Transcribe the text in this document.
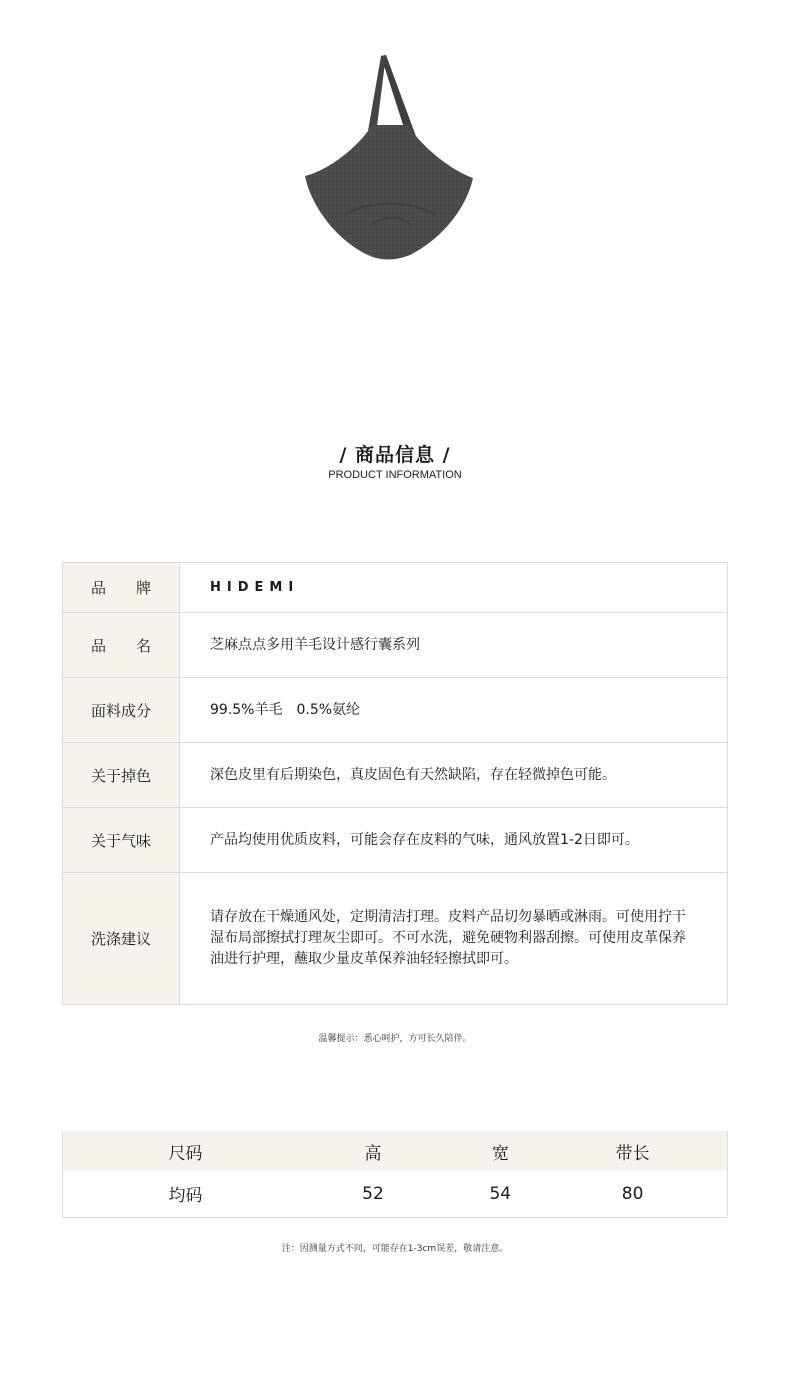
/ 商品信息 /
PRODUCT INFORMATION
品　　牌	HIDEMI
品　　名	芝麻点点多用羊毛设计感行囊系列
面料成分	99.5%羊毛　0.5%氨纶
关于掉色	深色皮里有后期染色，真皮固色有天然缺陷，存在轻微掉色可能。
关于气味	产品均使用优质皮料，可能会存在皮料的气味，通风放置1-2日即可。
洗涤建议	请存放在干燥通风处，定期清洁打理。皮料产品切勿暴晒或淋雨。可使用拧干湿布局部擦拭打理灰尘即可。不可水洗，避免硬物利器刮擦。可使用皮革保养油进行护理，蘸取少量皮革保养油轻轻擦拭即可。
温馨提示：悉心呵护，方可长久陪伴。
尺码	高	宽	带长	
均码	52	54	80	
注：因测量方式不同，可能存在1-3cm误差，敬请注意。
